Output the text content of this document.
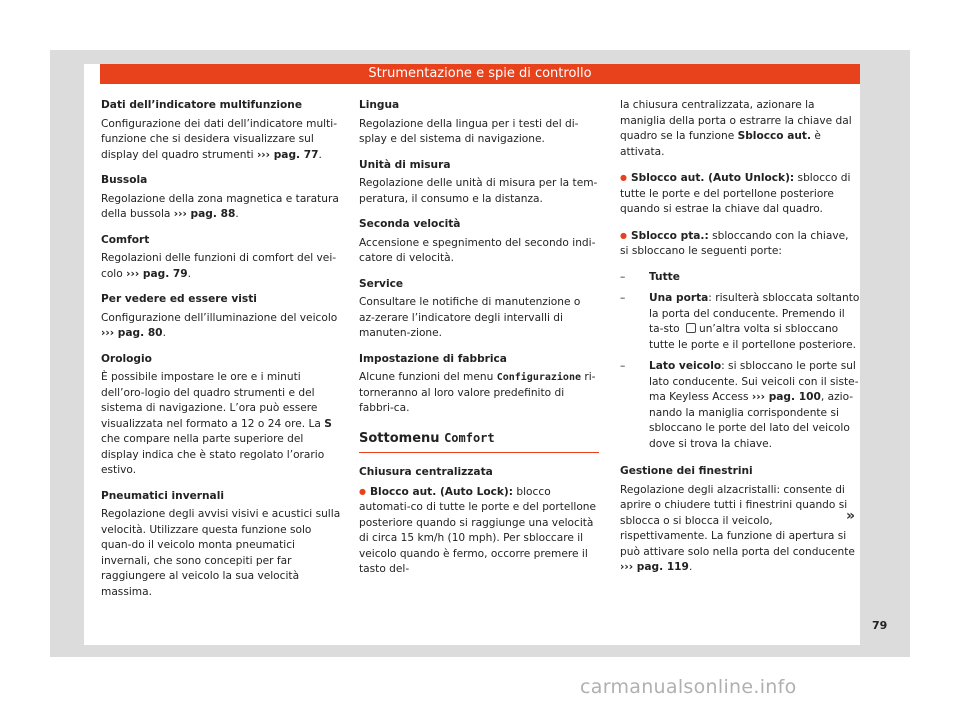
Strumentazione e spie di controllo
Dati dell’indicatore multifunzione

Configurazione dei dati dell’indicatore multi-funzione che si desidera visualizzare sul display del quadro strumenti ››› pag. 77.

Bussola

Regolazione della zona magnetica e taratura della bussola ››› pag. 88.

Comfort

Regolazioni delle funzioni di comfort del vei-colo ››› pag. 79.

Per vedere ed essere visti

Configurazione dell’illuminazione del veicolo ››› pag. 80.

Orologio

È possibile impostare le ore e i minuti dell’oro-logio del quadro strumenti e del sistema di navigazione. L’ora può essere visualizzata nel formato a 12 o 24 ore. La S che compare nella parte superiore del display indica che è stato regolato l’orario estivo.

Pneumatici invernali

Regolazione degli avvisi visivi e acustici sulla velocità. Utilizzare questa funzione solo quan-do il veicolo monta pneumatici invernali, che sono concepiti per far raggiungere al veicolo la sua velocità massima.

Lingua

Regolazione della lingua per i testi del di-splay e del sistema di navigazione.

Unità di misura

Regolazione delle unità di misura per la tem-peratura, il consumo e la distanza.

Seconda velocità

Accensione e spegnimento del secondo indi-catore di velocità.

Service

Consultare le notifiche di manutenzione o az-zerare l’indicatore degli intervalli di manuten-zione.

Impostazione di fabbrica

Alcune funzioni del menu Configurazione ri-torneranno al loro valore predefinito di fabbri-ca.

Sottomenu Comfort
Chiusura centralizzata

● Blocco aut. (Auto Lock): blocco automati-co di tutte le porte e del portellone posteriore quando si raggiunge una velocità di circa 15 km/h (10 mph). Per sbloccare il veicolo quando è fermo, occorre premere il tasto del-

la chiusura centralizzata, azionare la maniglia della porta o estrarre la chiave dal quadro se la funzione Sblocco aut. è attivata.

● Sblocco aut. (Auto Unlock): sblocco di tutte le porte e del portellone posteriore quando si estrae la chiave dal quadro.

● Sblocco pta.: sbloccando con la chiave, si sbloccano le seguenti porte:

– Tutte
– Una porta: risulterà sbloccata soltanto la porta del conducente. Premendo il ta-sto un’altra volta si sbloccano tutte le porte e il portellone posteriore.
– Lato veicolo: si sbloccano le porte sul lato conducente. Sui veicoli con il siste-ma Keyless Access ››› pag. 100, azio-nando la maniglia corrispondente si sbloccano le porte del lato del veicolo dove si trova la chiave.
Gestione dei finestrini

Regolazione degli alzacristalli: consente di aprire o chiudere tutti i finestrini quando si sblocca o si blocca il veicolo, rispettivamente. La funzione di apertura si può attivare solo nella porta del conducente ››› pag. 119.

»
79
carmanualsonline.info
